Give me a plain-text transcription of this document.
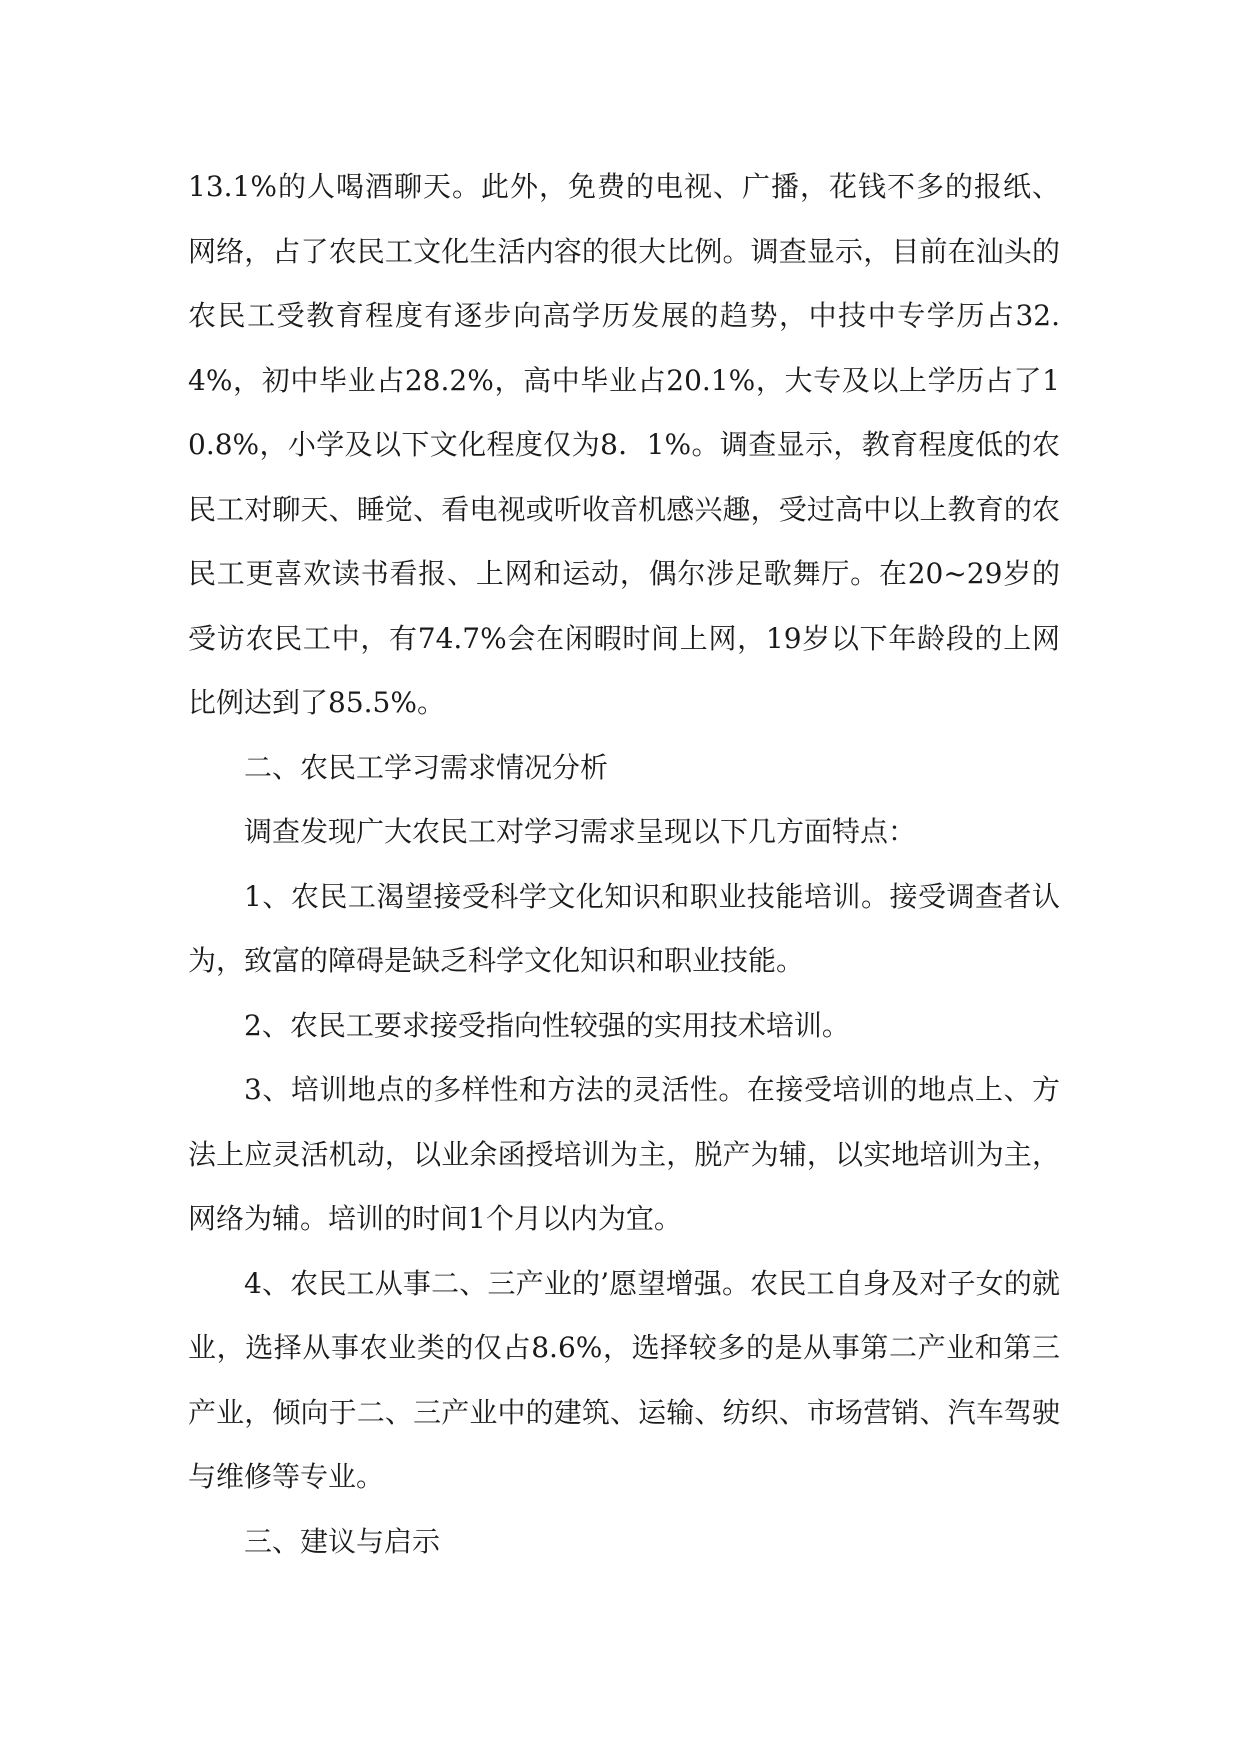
13.1%的人喝酒聊天。此外，免费的电视、广播，花钱不多的报纸、网络，占了农民工文化生活内容的很大比例。调查显示，目前在汕头的农民工受教育程度有逐步向高学历发展的趋势，中技中专学历占32.4%，初中毕业占28.2%，高中毕业占20.1%，大专及以上学历占了10.8%，小学及以下文化程度仅为8．1%。调查显示，教育程度低的农民工对聊天、睡觉、看电视或听收音机感兴趣，受过高中以上教育的农民工更喜欢读书看报、上网和运动，偶尔涉足歌舞厅。在20~29岁的受访农民工中，有74.7%会在闲暇时间上网，19岁以下年龄段的上网比例达到了85.5%。

二、农民工学习需求情况分析

调查发现广大农民工对学习需求呈现以下几方面特点：

1、农民工渴望接受科学文化知识和职业技能培训。接受调查者认为，致富的障碍是缺乏科学文化知识和职业技能。

2、农民工要求接受指向性较强的实用技术培训。

3、培训地点的多样性和方法的灵活性。在接受培训的地点上、方法上应灵活机动，以业余函授培训为主，脱产为辅，以实地培训为主，网络为辅。培训的时间1个月以内为宜。

4、农民工从事二、三产业的’愿望增强。农民工自身及对子女的就业，选择从事农业类的仅占8.6%，选择较多的是从事第二产业和第三产业，倾向于二、三产业中的建筑、运输、纺织、市场营销、汽车驾驶与维修等专业。

三、建议与启示
